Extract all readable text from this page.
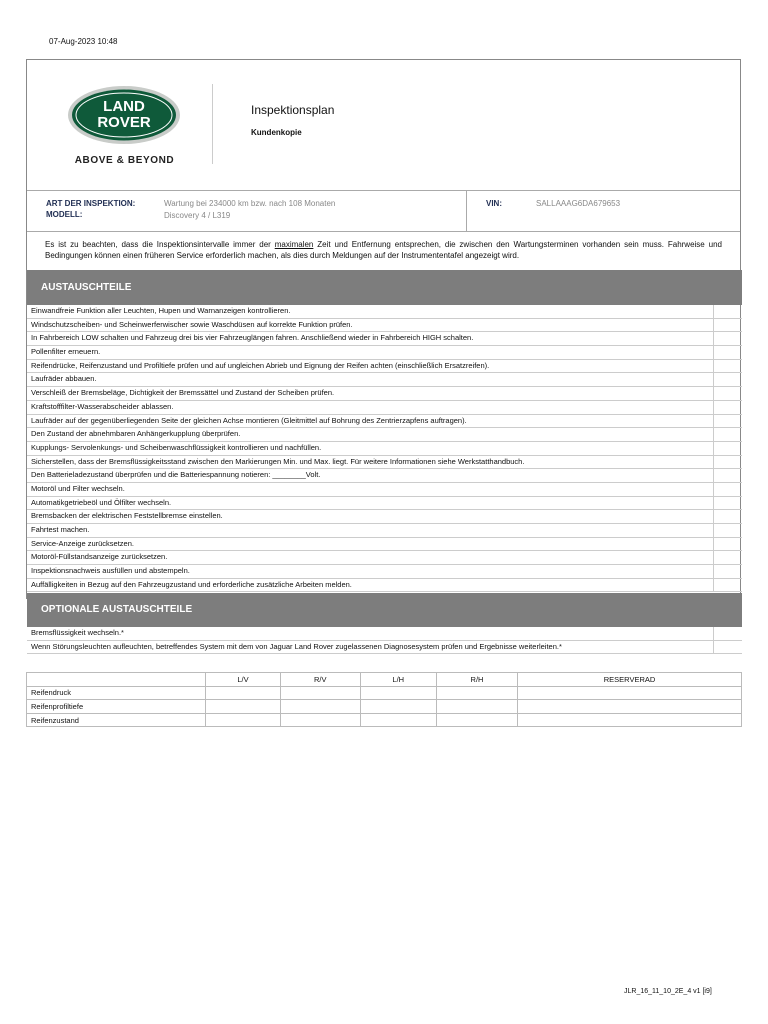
07-Aug-2023 10:48
LAND
ROVER
ABOVE & BEYOND
Inspektionsplan
Kundenkopie
ART DER INSPEKTION:	Wartung bei 234000 km bzw. nach 108 Monaten
MODELL:	Discovery 4 / L319
VIN:	SALLAAAG6DA679653
Es ist zu beachten, dass die Inspektionsintervalle immer der maximalen Zeit und Entfernung entsprechen, die zwischen den Wartungsterminen vorhanden sein muss. Fahrweise und Bedingungen können einen früheren Service erforderlich machen, als dies durch Meldungen auf der Instrumententafel angezeigt wird.
AUSTAUSCHTEILE
Einwandfreie Funktion aller Leuchten, Hupen und Warnanzeigen kontrollieren.
Windschutzscheiben- und Scheinwerferwischer sowie Waschdüsen auf korrekte Funktion prüfen.
In Fahrbereich LOW schalten und Fahrzeug drei bis vier Fahrzeuglängen fahren. Anschließend wieder in Fahrbereich HIGH schalten.
Pollenfilter erneuern.
Reifendrücke, Reifenzustand und Profiltiefe prüfen und auf ungleichen Abrieb und Eignung der Reifen achten (einschließlich Ersatzreifen).
Laufräder abbauen.
Verschleiß der Bremsbeläge, Dichtigkeit der Bremssättel und Zustand der Scheiben prüfen.
Kraftstofffilter-Wasserabscheider ablassen.
Laufräder auf der gegenüberliegenden Seite der gleichen Achse montieren (Gleitmittel auf Bohrung des Zentrierzapfens auftragen).
Den Zustand der abnehmbaren Anhängerkupplung überprüfen.
Kupplungs- Servolenkungs- und Scheibenwaschflüssigkeit kontrollieren und nachfüllen.
Sicherstellen, dass der Bremsflüssigkeitsstand zwischen den Markierungen Min. und Max. liegt. Für weitere Informationen siehe Werkstatthandbuch.
Den Batterieladezustand überprüfen und die Batteriespannung notieren: ________Volt.
Motoröl und Filter wechseln.
Automatikgetriebeöl und Ölfilter wechseln.
Bremsbacken der elektrischen Feststellbremse einstellen.
Fahrtest machen.
Service-Anzeige zurücksetzen.
Motoröl-Füllstandsanzeige zurücksetzen.
Inspektionsnachweis ausfüllen und abstempeln.
Auffälligkeiten in Bezug auf den Fahrzeugzustand und erforderliche zusätzliche Arbeiten melden.
OPTIONALE AUSTAUSCHTEILE
Bremsflüssigkeit wechseln.*
Wenn Störungsleuchten aufleuchten, betreffendes System mit dem von Jaguar Land Rover zugelassenen Diagnosesystem prüfen und Ergebnisse weiterleiten.*
	L/V	R/V	L/H	R/H	RESERVERAD
Reifendruck					
Reifenprofiltiefe					
Reifenzustand					
JLR_16_11_10_2E_4 v1 [i9]
